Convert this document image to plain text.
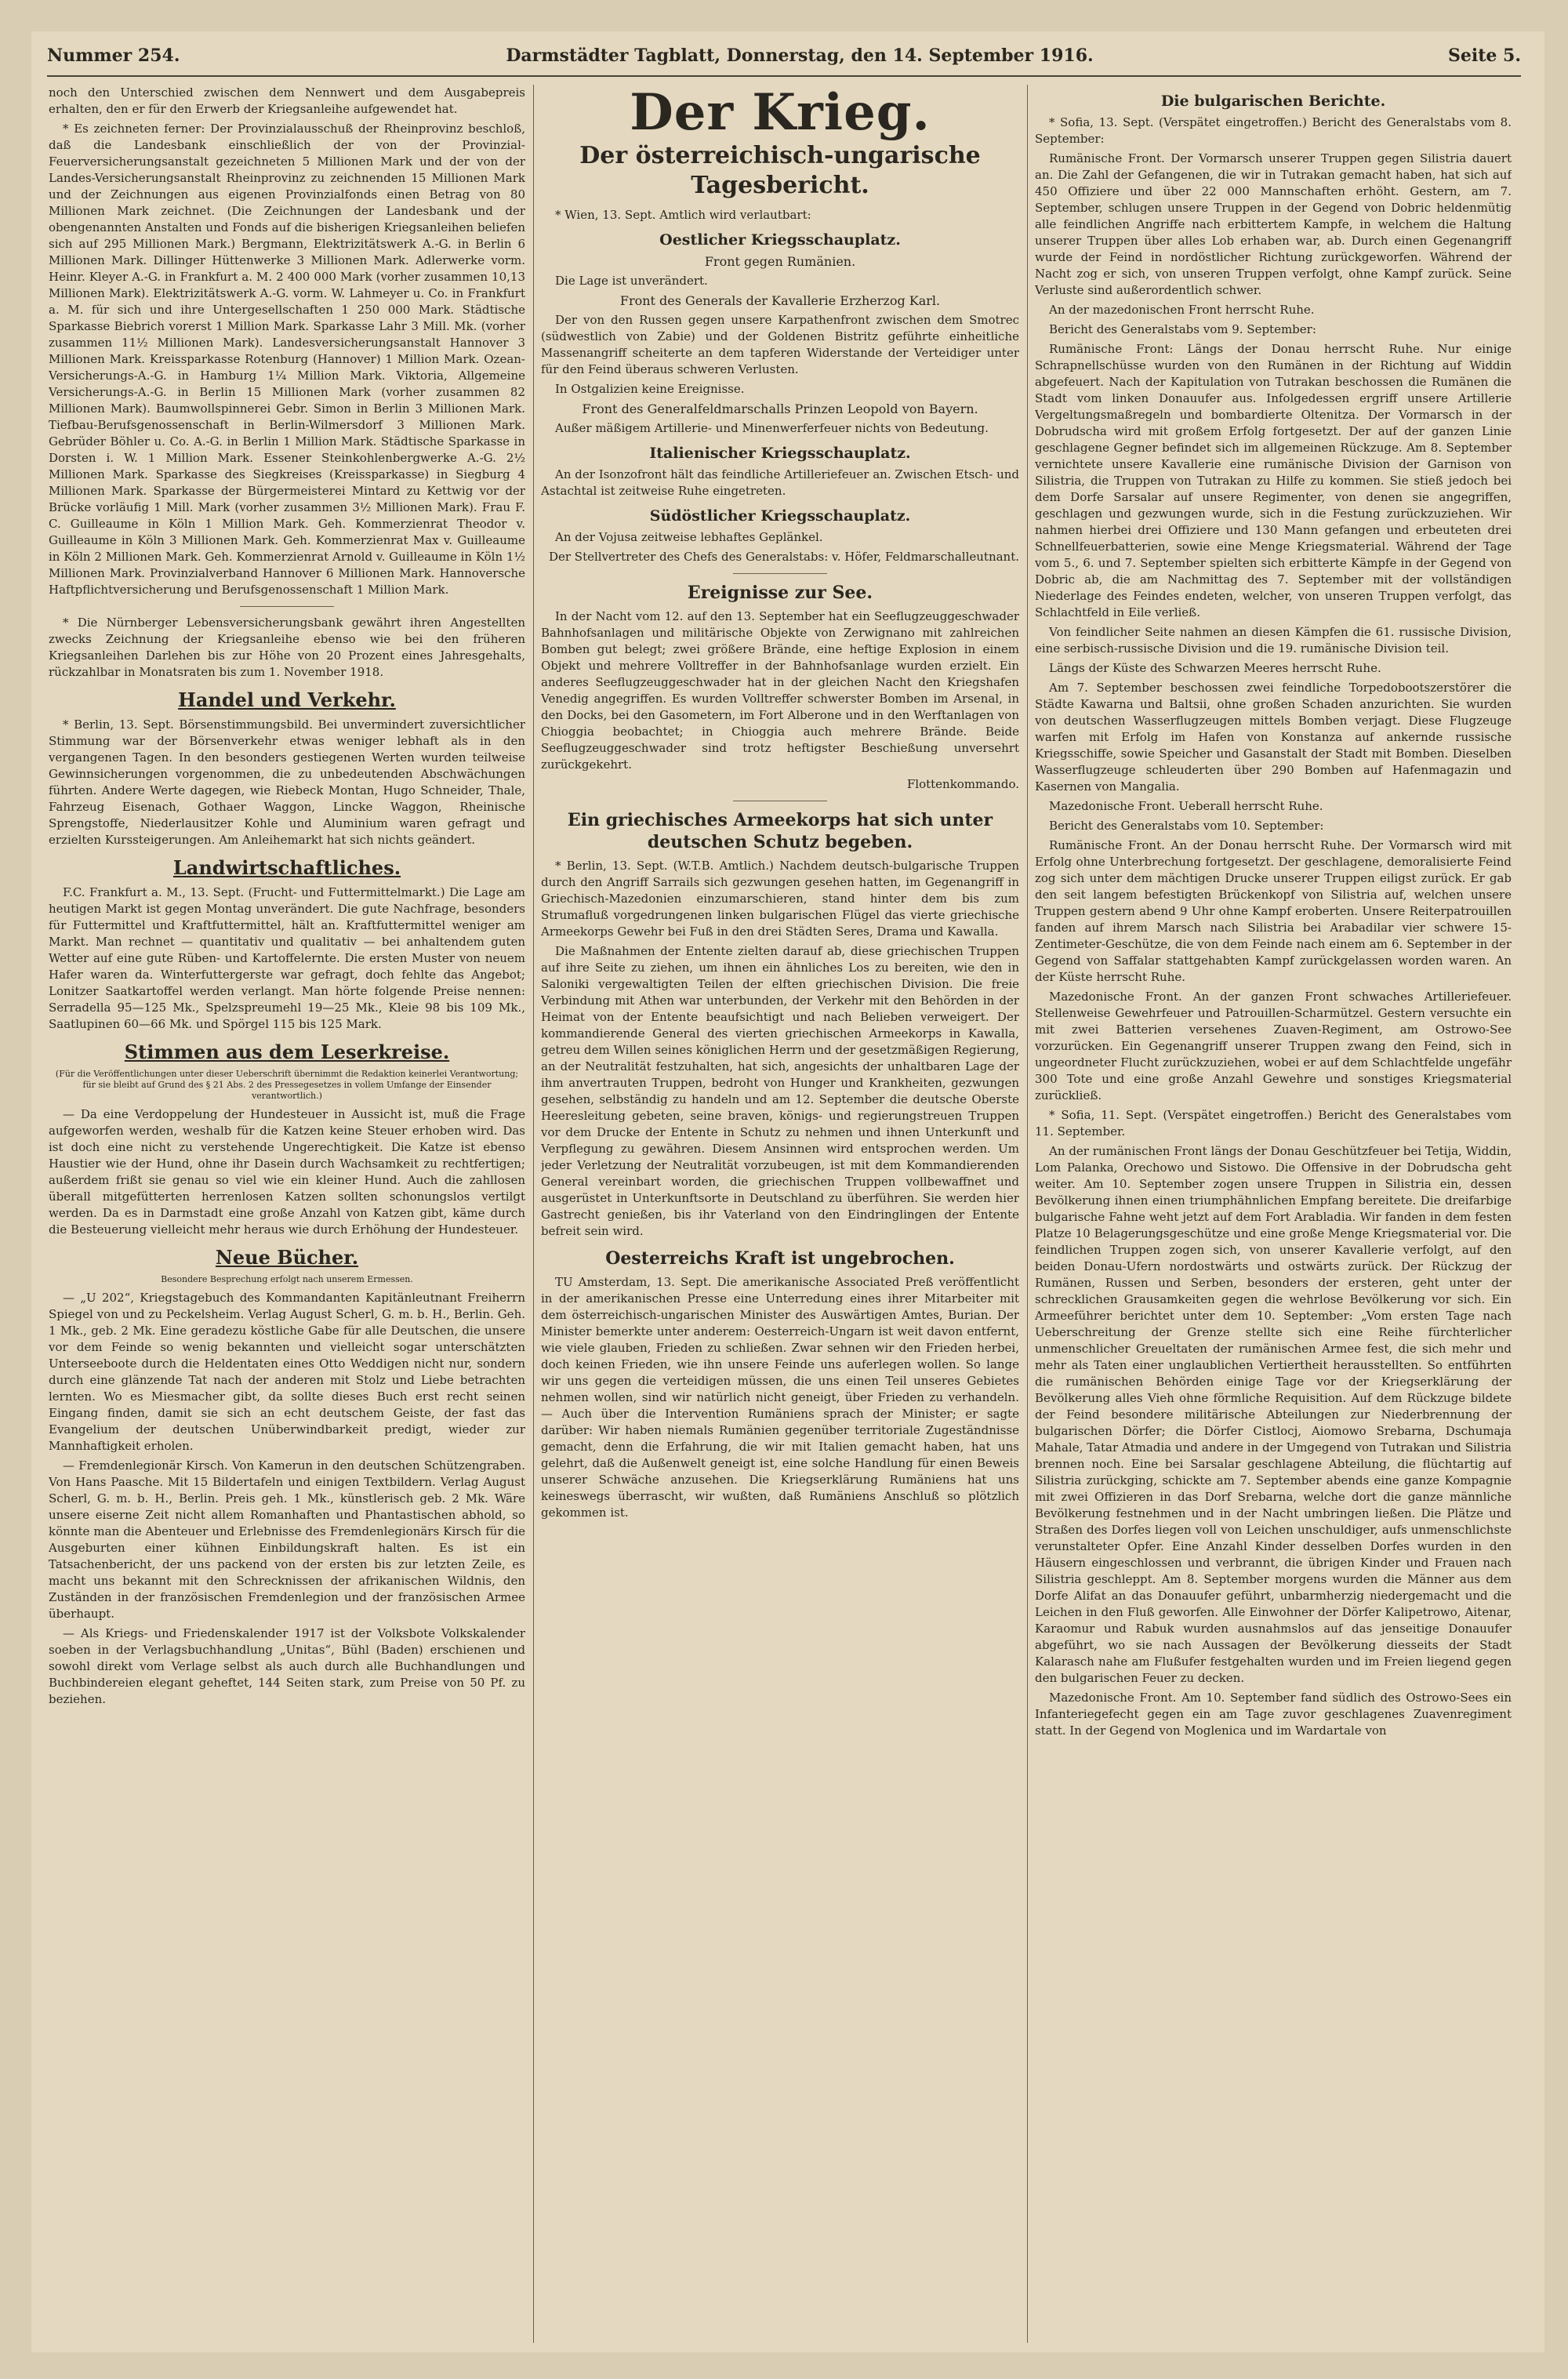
Nummer 254.	Darmstädter Tagblatt, Donnerstag, den 14. September 1916.	Seite 5.

noch den Unterschied zwischen dem Nennwert und dem Ausgabepreis erhalten, den er für den Erwerb der Kriegsanleihe aufgewendet hat.

* Es zeichneten ferner: Der Provinzialausschuß der Rheinprovinz beschloß, daß die Landesbank einschließlich der von der Provinzial-Feuerversicherungsanstalt gezeichneten 5 Millionen Mark und der von der Landes-Versicherungsanstalt Rheinprovinz zu zeichnenden 15 Millionen Mark und der Zeichnungen aus eigenen Provinzialfonds einen Betrag von 80 Millionen Mark zeichnet. (Die Zeichnungen der Landesbank und der obengenannten Anstalten und Fonds auf die bisherigen Kriegsanleihen beliefen sich auf 295 Millionen Mark.) Bergmann, Elektrizitätswerk A.-G. in Berlin 6 Millionen Mark. Dillinger Hüttenwerke 3 Millionen Mark. Adlerwerke vorm. Heinr. Kleyer A.-G. in Frankfurt a. M. 2 400 000 Mark (vorher zusammen 10,13 Millionen Mark). Elektrizitätswerk A.-G. vorm. W. Lahmeyer u. Co. in Frankfurt a. M. für sich und ihre Untergesellschaften 1 250 000 Mark. Städtische Sparkasse Biebrich vorerst 1 Million Mark. Sparkasse Lahr 3 Mill. Mk. (vorher zusammen 11½ Millionen Mark). Landesversicherungsanstalt Hannover 3 Millionen Mark. Kreissparkasse Rotenburg (Hannover) 1 Million Mark. Ozean-Versicherungs-A.-G. in Hamburg 1¼ Million Mark. Viktoria, Allgemeine Versicherungs-A.-G. in Berlin 15 Millionen Mark (vorher zusammen 82 Millionen Mark). Baumwollspinnerei Gebr. Simon in Berlin 3 Millionen Mark. Tiefbau-Berufsgenossenschaft in Berlin-Wilmersdorf 3 Millionen Mark. Gebrüder Böhler u. Co. A.-G. in Berlin 1 Million Mark. Städtische Sparkasse in Dorsten i. W. 1 Million Mark. Essener Steinkohlenbergwerke A.-G. 2½ Millionen Mark. Sparkasse des Siegkreises (Kreissparkasse) in Siegburg 4 Millionen Mark. Sparkasse der Bürgermeisterei Mintard zu Kettwig vor der Brücke vorläufig 1 Mill. Mark (vorher zusammen 3½ Millionen Mark). Frau F. C. Guilleaume in Köln 1 Million Mark. Geh. Kommerzienrat Theodor v. Guilleaume in Köln 3 Millionen Mark. Geh. Kommerzienrat Max v. Guilleaume in Köln 2 Millionen Mark. Geh. Kommerzienrat Arnold v. Guilleaume in Köln 1½ Millionen Mark. Provinzialverband Hannover 6 Millionen Mark. Hannoversche Haftpflichtversicherung und Berufsgenossenschaft 1 Million Mark.

* Die Nürnberger Lebensversicherungsbank gewährt ihren Angestellten zwecks Zeichnung der Kriegsanleihe ebenso wie bei den früheren Kriegsanleihen Darlehen bis zur Höhe von 20 Prozent eines Jahresgehalts, rückzahlbar in Monatsraten bis zum 1. November 1918.

Handel und Verkehr.

* Berlin, 13. Sept. Börsenstimmungsbild. Bei unvermindert zuversichtlicher Stimmung war der Börsenverkehr etwas weniger lebhaft als in den vergangenen Tagen. In den besonders gestiegenen Werten wurden teilweise Gewinnsicherungen vorgenommen, die zu unbedeutenden Abschwächungen führten. Andere Werte dagegen, wie Riebeck Montan, Hugo Schneider, Thale, Fahrzeug Eisenach, Gothaer Waggon, Lincke Waggon, Rheinische Sprengstoffe, Niederlausitzer Kohle und Aluminium waren gefragt und erzielten Kurssteigerungen. Am Anleihemarkt hat sich nichts geändert.

Landwirtschaftliches.

F.C. Frankfurt a. M., 13. Sept. (Frucht- und Futtermittelmarkt.) Die Lage am heutigen Markt ist gegen Montag unverändert. Die gute Nachfrage, besonders für Futtermittel und Kraftfuttermittel, hält an. Kraftfuttermittel weniger am Markt. Man rechnet — quantitativ und qualitativ — bei anhaltendem guten Wetter auf eine gute Rüben- und Kartoffelernte. Die ersten Muster von neuem Hafer waren da. Winterfuttergerste war gefragt, doch fehlte das Angebot; Lonitzer Saatkartoffel werden verlangt. Man hörte folgende Preise nennen: Serradella 95—125 Mk., Spelzspreumehl 19—25 Mk., Kleie 98 bis 109 Mk., Saatlupinen 60—66 Mk. und Spörgel 115 bis 125 Mark.

Stimmen aus dem Leserkreise.

(Für die Veröffentlichungen unter dieser Ueberschrift übernimmt die Redaktion keinerlei Verantwortung; für sie bleibt auf Grund des § 21 Abs. 2 des Pressegesetzes in vollem Umfange der Einsender verantwortlich.)

— Da eine Verdoppelung der Hundesteuer in Aussicht ist, muß die Frage aufgeworfen werden, weshalb für die Katzen keine Steuer erhoben wird. Das ist doch eine nicht zu verstehende Ungerechtigkeit. Die Katze ist ebenso Haustier wie der Hund, ohne ihr Dasein durch Wachsamkeit zu rechtfertigen; außerdem frißt sie genau so viel wie ein kleiner Hund. Auch die zahllosen überall mitgefütterten herrenlosen Katzen sollten schonungslos vertilgt werden. Da es in Darmstadt eine große Anzahl von Katzen gibt, käme durch die Besteuerung vielleicht mehr heraus wie durch Erhöhung der Hundesteuer.

Neue Bücher.

Besondere Besprechung erfolgt nach unserem Ermessen.

— „U 202“, Kriegstagebuch des Kommandanten Kapitänleutnant Freiherrn Spiegel von und zu Peckelsheim. Verlag August Scherl, G. m. b. H., Berlin. Geh. 1 Mk., geb. 2 Mk. Eine geradezu köstliche Gabe für alle Deutschen, die unsere vor dem Feinde so wenig bekannten und vielleicht sogar unterschätzten Unterseeboote durch die Heldentaten eines Otto Weddigen nicht nur, sondern durch eine glänzende Tat nach der anderen mit Stolz und Liebe betrachten lernten. Wo es Miesmacher gibt, da sollte dieses Buch erst recht seinen Eingang finden, damit sie sich an echt deutschem Geiste, der fast das Evangelium der deutschen Unüberwindbarkeit predigt, wieder zur Mannhaftigkeit erholen.

— Fremdenlegionär Kirsch. Von Kamerun in den deutschen Schützengraben. Von Hans Paasche. Mit 15 Bildertafeln und einigen Textbildern. Verlag August Scherl, G. m. b. H., Berlin. Preis geh. 1 Mk., künstlerisch geb. 2 Mk. Wäre unsere eiserne Zeit nicht allem Romanhaften und Phantastischen abhold, so könnte man die Abenteuer und Erlebnisse des Fremdenlegionärs Kirsch für die Ausgeburten einer kühnen Einbildungskraft halten. Es ist ein Tatsachenbericht, der uns packend von der ersten bis zur letzten Zeile, es macht uns bekannt mit den Schrecknissen der afrikanischen Wildnis, den Zuständen in der französischen Fremdenlegion und der französischen Armee überhaupt.

— Als Kriegs- und Friedenskalender 1917 ist der Volksbote Volkskalender soeben in der Verlagsbuchhandlung „Unitas“, Bühl (Baden) erschienen und sowohl direkt vom Verlage selbst als auch durch alle Buchhandlungen und Buchbindereien elegant geheftet, 144 Seiten stark, zum Preise von 50 Pf. zu beziehen.

Der Krieg.
Der österreichisch-ungarische Tagesbericht.

* Wien, 13. Sept. Amtlich wird verlautbart:

Oestlicher Kriegsschauplatz.

Front gegen Rumänien.

Die Lage ist unverändert.

Front des Generals der Kavallerie Erzherzog Karl.

Der von den Russen gegen unsere Karpathenfront zwischen dem Smotrec (südwestlich von Zabie) und der Goldenen Bistritz geführte einheitliche Massenangriff scheiterte an dem tapferen Widerstande der Verteidiger unter für den Feind überaus schweren Verlusten.

In Ostgalizien keine Ereignisse.

Front des Generalfeldmarschalls Prinzen Leopold von Bayern.

Außer mäßigem Artillerie- und Minenwerferfeuer nichts von Bedeutung.

Italienischer Kriegsschauplatz.

An der Isonzofront hält das feindliche Artilleriefeuer an. Zwischen Etsch- und Astachtal ist zeitweise Ruhe eingetreten.

Südöstlicher Kriegsschauplatz.

An der Vojusa zeitweise lebhaftes Geplänkel.

Der Stellvertreter des Chefs des Generalstabs: v. Höfer, Feldmarschalleutnant.

Ereignisse zur See.

In der Nacht vom 12. auf den 13. September hat ein Seeflugzeuggeschwader Bahnhofsanlagen und militärische Objekte von Zerwignano mit zahlreichen Bomben gut belegt; zwei größere Brände, eine heftige Explosion in einem Objekt und mehrere Volltreffer in der Bahnhofsanlage wurden erzielt. Ein anderes Seeflugzeuggeschwader hat in der gleichen Nacht den Kriegshafen Venedig angegriffen. Es wurden Volltreffer schwerster Bomben im Arsenal, in den Docks, bei den Gasometern, im Fort Alberone und in den Werftanlagen von Chioggia beobachtet; in Chioggia auch mehrere Brände. Beide Seeflugzeuggeschwader sind trotz heftigster Beschießung unversehrt zurückgekehrt.

Flottenkommando.

Ein griechisches Armeekorps hat sich unter deutschen Schutz begeben.

* Berlin, 13. Sept. (W.T.B. Amtlich.) Nachdem deutsch-bulgarische Truppen durch den Angriff Sarrails sich gezwungen gesehen hatten, im Gegenangriff in Griechisch-Mazedonien einzumarschieren, stand hinter dem bis zum Strumafluß vorgedrungenen linken bulgarischen Flügel das vierte griechische Armeekorps Gewehr bei Fuß in den drei Städten Seres, Drama und Kawalla.

Die Maßnahmen der Entente zielten darauf ab, diese griechischen Truppen auf ihre Seite zu ziehen, um ihnen ein ähnliches Los zu bereiten, wie den in Saloniki vergewaltigten Teilen der elften griechischen Division. Die freie Verbindung mit Athen war unterbunden, der Verkehr mit den Behörden in der Heimat von der Entente beaufsichtigt und nach Belieben verweigert. Der kommandierende General des vierten griechischen Armeekorps in Kawalla, getreu dem Willen seines königlichen Herrn und der gesetzmäßigen Regierung, an der Neutralität festzuhalten, hat sich, angesichts der unhaltbaren Lage der ihm anvertrauten Truppen, bedroht von Hunger und Krankheiten, gezwungen gesehen, selbständig zu handeln und am 12. September die deutsche Oberste Heeresleitung gebeten, seine braven, königs- und regierungstreuen Truppen vor dem Drucke der Entente in Schutz zu nehmen und ihnen Unterkunft und Verpflegung zu gewähren. Diesem Ansinnen wird entsprochen werden. Um jeder Verletzung der Neutralität vorzubeugen, ist mit dem Kommandierenden General vereinbart worden, die griechischen Truppen vollbewaffnet und ausgerüstet in Unterkunftsorte in Deutschland zu überführen. Sie werden hier Gastrecht genießen, bis ihr Vaterland von den Eindringlingen der Entente befreit sein wird.

Oesterreichs Kraft ist ungebrochen.

TU Amsterdam, 13. Sept. Die amerikanische Associated Preß veröffentlicht in der amerikanischen Presse eine Unterredung eines ihrer Mitarbeiter mit dem österreichisch-ungarischen Minister des Auswärtigen Amtes, Burian. Der Minister bemerkte unter anderem: Oesterreich-Ungarn ist weit davon entfernt, wie viele glauben, Frieden zu schließen. Zwar sehnen wir den Frieden herbei, doch keinen Frieden, wie ihn unsere Feinde uns auferlegen wollen. So lange wir uns gegen die verteidigen müssen, die uns einen Teil unseres Gebietes nehmen wollen, sind wir natürlich nicht geneigt, über Frieden zu verhandeln. — Auch über die Intervention Rumäniens sprach der Minister; er sagte darüber: Wir haben niemals Rumänien gegenüber territoriale Zugeständnisse gemacht, denn die Erfahrung, die wir mit Italien gemacht haben, hat uns gelehrt, daß die Außenwelt geneigt ist, eine solche Handlung für einen Beweis unserer Schwäche anzusehen. Die Kriegserklärung Rumäniens hat uns keineswegs überrascht, wir wußten, daß Rumäniens Anschluß so plötzlich gekommen ist.

Die bulgarischen Berichte.

* Sofia, 13. Sept. (Verspätet eingetroffen.) Bericht des Generalstabs vom 8. September:

Rumänische Front. Der Vormarsch unserer Truppen gegen Silistria dauert an. Die Zahl der Gefangenen, die wir in Tutrakan gemacht haben, hat sich auf 450 Offiziere und über 22 000 Mannschaften erhöht. Gestern, am 7. September, schlugen unsere Truppen in der Gegend von Dobric heldenmütig alle feindlichen Angriffe nach erbittertem Kampfe, in welchem die Haltung unserer Truppen über alles Lob erhaben war, ab. Durch einen Gegenangriff wurde der Feind in nordöstlicher Richtung zurückgeworfen. Während der Nacht zog er sich, von unseren Truppen verfolgt, ohne Kampf zurück. Seine Verluste sind außerordentlich schwer.

An der mazedonischen Front herrscht Ruhe.

Bericht des Generalstabs vom 9. September:

Rumänische Front: Längs der Donau herrscht Ruhe. Nur einige Schrapnellschüsse wurden von den Rumänen in der Richtung auf Widdin abgefeuert. Nach der Kapitulation von Tutrakan beschossen die Rumänen die Stadt vom linken Donauufer aus. Infolgedessen ergriff unsere Artillerie Vergeltungsmaßregeln und bombardierte Oltenitza. Der Vormarsch in der Dobrudscha wird mit großem Erfolg fortgesetzt. Der auf der ganzen Linie geschlagene Gegner befindet sich im allgemeinen Rückzuge. Am 8. September vernichtete unsere Kavallerie eine rumänische Division der Garnison von Silistria, die Truppen von Tutrakan zu Hilfe zu kommen. Sie stieß jedoch bei dem Dorfe Sarsalar auf unsere Regimenter, von denen sie angegriffen, geschlagen und gezwungen wurde, sich in die Festung zurückzuziehen. Wir nahmen hierbei drei Offiziere und 130 Mann gefangen und erbeuteten drei Schnellfeuerbatterien, sowie eine Menge Kriegsmaterial. Während der Tage vom 5., 6. und 7. September spielten sich erbitterte Kämpfe in der Gegend von Dobric ab, die am Nachmittag des 7. September mit der vollständigen Niederlage des Feindes endeten, welcher, von unseren Truppen verfolgt, das Schlachtfeld in Eile verließ.

Von feindlicher Seite nahmen an diesen Kämpfen die 61. russische Division, eine serbisch-russische Division und die 19. rumänische Division teil.

Längs der Küste des Schwarzen Meeres herrscht Ruhe.

Am 7. September beschossen zwei feindliche Torpedobootszerstörer die Städte Kawarna und Baltsii, ohne großen Schaden anzurichten. Sie wurden von deutschen Wasserflugzeugen mittels Bomben verjagt. Diese Flugzeuge warfen mit Erfolg im Hafen von Konstanza auf ankernde russische Kriegsschiffe, sowie Speicher und Gasanstalt der Stadt mit Bomben. Dieselben Wasserflugzeuge schleuderten über 290 Bomben auf Hafenmagazin und Kasernen von Mangalia.

Mazedonische Front. Ueberall herrscht Ruhe.

Bericht des Generalstabs vom 10. September:

Rumänische Front. An der Donau herrscht Ruhe. Der Vormarsch wird mit Erfolg ohne Unterbrechung fortgesetzt. Der geschlagene, demoralisierte Feind zog sich unter dem mächtigen Drucke unserer Truppen eiligst zurück. Er gab den seit langem befestigten Brückenkopf von Silistria auf, welchen unsere Truppen gestern abend 9 Uhr ohne Kampf eroberten. Unsere Reiterpatrouillen fanden auf ihrem Marsch nach Silistria bei Arabadilar vier schwere 15-Zentimeter-Geschütze, die von dem Feinde nach einem am 6. September in der Gegend von Saffalar stattgehabten Kampf zurückgelassen worden waren. An der Küste herrscht Ruhe.

Mazedonische Front. An der ganzen Front schwaches Artilleriefeuer. Stellenweise Gewehrfeuer und Patrouillen-Scharmützel. Gestern versuchte ein mit zwei Batterien versehenes Zuaven-Regiment, am Ostrowo-See vorzurücken. Ein Gegenangriff unserer Truppen zwang den Feind, sich in ungeordneter Flucht zurückzuziehen, wobei er auf dem Schlachtfelde ungefähr 300 Tote und eine große Anzahl Gewehre und sonstiges Kriegsmaterial zurückließ.

* Sofia, 11. Sept. (Verspätet eingetroffen.) Bericht des Generalstabes vom 11. September.

An der rumänischen Front längs der Donau Geschützfeuer bei Tetija, Widdin, Lom Palanka, Orechowo und Sistowo. Die Offensive in der Dobrudscha geht weiter. Am 10. September zogen unsere Truppen in Silistria ein, dessen Bevölkerung ihnen einen triumphähnlichen Empfang bereitete. Die dreifarbige bulgarische Fahne weht jetzt auf dem Fort Arabladia. Wir fanden in dem festen Platze 10 Belagerungsgeschütze und eine große Menge Kriegsmaterial vor. Die feindlichen Truppen zogen sich, von unserer Kavallerie verfolgt, auf den beiden Donau-Ufern nordostwärts und ostwärts zurück. Der Rückzug der Rumänen, Russen und Serben, besonders der ersteren, geht unter der schrecklichen Grausamkeiten gegen die wehrlose Bevölkerung vor sich. Ein Armeeführer berichtet unter dem 10. September: „Vom ersten Tage nach Ueberschreitung der Grenze stellte sich eine Reihe fürchterlicher unmenschlicher Greueltaten der rumänischen Armee fest, die sich mehr und mehr als Taten einer unglaublichen Vertiertheit herausstellten. So entführten die rumänischen Behörden einige Tage vor der Kriegserklärung der Bevölkerung alles Vieh ohne förmliche Requisition. Auf dem Rückzuge bildete der Feind besondere militärische Abteilungen zur Niederbrennung der bulgarischen Dörfer; die Dörfer Cistlocj, Aiomowo Srebarna, Dschumaja Mahale, Tatar Atmadia und andere in der Umgegend von Tutrakan und Silistria brennen noch. Eine bei Sarsalar geschlagene Abteilung, die flüchtartig auf Silistria zurückging, schickte am 7. September abends eine ganze Kompagnie mit zwei Offizieren in das Dorf Srebarna, welche dort die ganze männliche Bevölkerung festnehmen und in der Nacht umbringen ließen. Die Plätze und Straßen des Dorfes liegen voll von Leichen unschuldiger, aufs unmenschlichste verunstalteter Opfer. Eine Anzahl Kinder desselben Dorfes wurden in den Häusern eingeschlossen und verbrannt, die übrigen Kinder und Frauen nach Silistria geschleppt. Am 8. September morgens wurden die Männer aus dem Dorfe Alifat an das Donauufer geführt, unbarmherzig niedergemacht und die Leichen in den Fluß geworfen. Alle Einwohner der Dörfer Kalipetrowo, Aitenar, Karaomur und Rabuk wurden ausnahmslos auf das jenseitige Donauufer abgeführt, wo sie nach Aussagen der Bevölkerung diesseits der Stadt Kalarasch nahe am Flußufer festgehalten wurden und im Freien liegend gegen den bulgarischen Feuer zu decken.

Mazedonische Front. Am 10. September fand südlich des Ostrowo-Sees ein Infanteriegefecht gegen ein am Tage zuvor geschlagenes Zuavenregiment statt. In der Gegend von Moglenica und im Wardartale von
